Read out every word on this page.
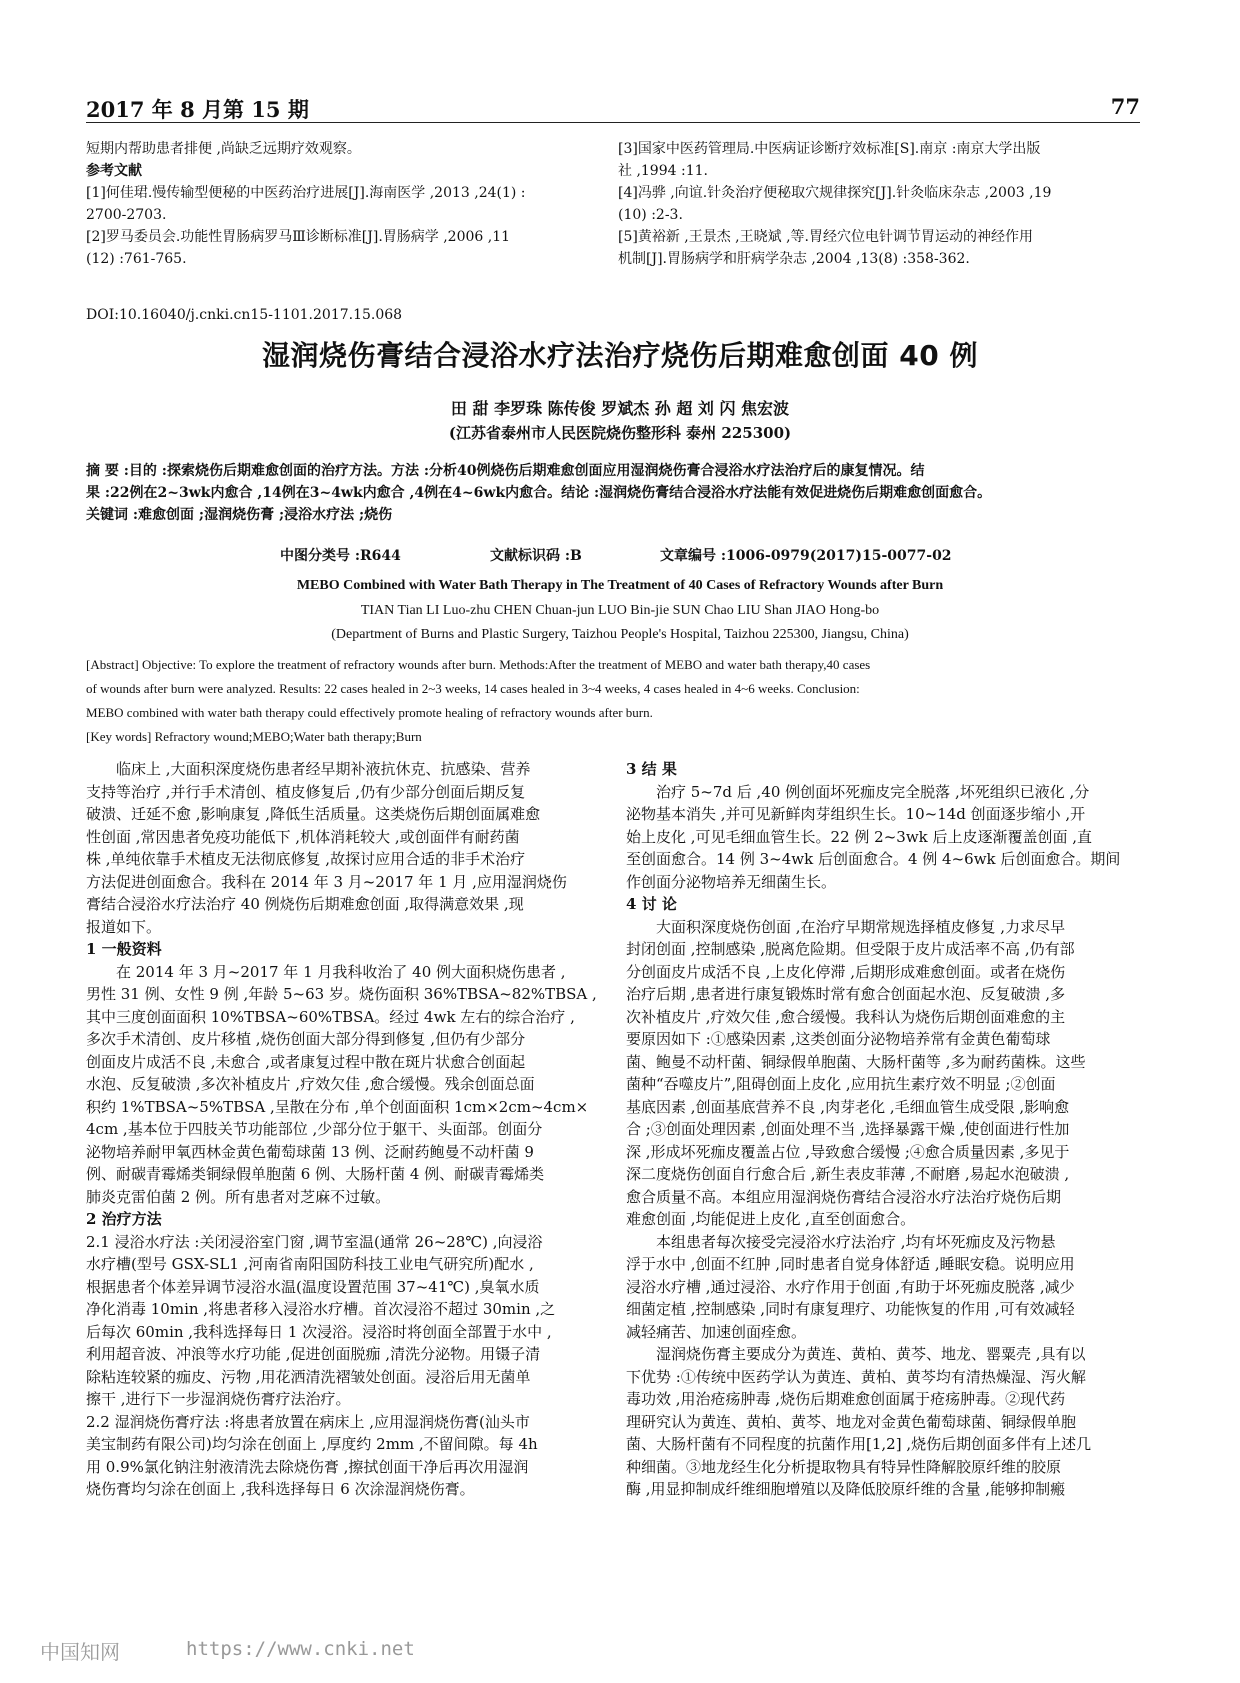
2017 年 8 月第 15 期	77
短期内帮助患者排便 ,尚缺乏远期疗效观察。
参考文献
[1]何佳珺.慢传输型便秘的中医药治疗进展[J].海南医学 ,2013 ,24(1) :
2700-2703.
[2]罗马委员会.功能性胃肠病罗马Ⅲ诊断标准[J].胃肠病学 ,2006 ,11
(12) :761-765.
[3]国家中医药管理局.中医病证诊断疗效标准[S].南京 :南京大学出版
社 ,1994 :11.
[4]冯骅 ,向谊.针灸治疗便秘取穴规律探究[J].针灸临床杂志 ,2003 ,19
(10) :2-3.
[5]黄裕新 ,王景杰 ,王晓斌 ,等.胃经穴位电针调节胃运动的神经作用
机制[J].胃肠病学和肝病学杂志 ,2004 ,13(8) :358-362.
DOI:10.16040/j.cnki.cn15-1101.2017.15.068
湿润烧伤膏结合浸浴水疗法治疗烧伤后期难愈创面 40 例
田 甜 李罗珠 陈传俊 罗斌杰 孙 超 刘 闪 焦宏波
(江苏省泰州市人民医院烧伤整形科 泰州 225300)
摘 要 :目的 :探索烧伤后期难愈创面的治疗方法。方法 :分析40例烧伤后期难愈创面应用湿润烧伤膏合浸浴水疗法治疗后的康复情况。结
果 :22例在2~3wk内愈合 ,14例在3~4wk内愈合 ,4例在4~6wk内愈合。结论 :湿润烧伤膏结合浸浴水疗法能有效促进烧伤后期难愈创面愈合。
关键词 :难愈创面 ;湿润烧伤膏 ;浸浴水疗法 ;烧伤
中图分类号 :R644	文献标识码 :B	文章编号 :1006-0979(2017)15-0077-02
MEBO Combined with Water Bath Therapy in The Treatment of 40 Cases of Refractory Wounds after Burn
TIAN Tian LI Luo-zhu CHEN Chuan-jun LUO Bin-jie SUN Chao LIU Shan JIAO Hong-bo
(Department of Burns and Plastic Surgery, Taizhou People's Hospital, Taizhou 225300, Jiangsu, China)
[Abstract] Objective: To explore the treatment of refractory wounds after burn. Methods:After the treatment of MEBO and water bath therapy,40 cases
of wounds after burn were analyzed. Results: 22 cases healed in 2~3 weeks, 14 cases healed in 3~4 weeks, 4 cases healed in 4~6 weeks. Conclusion:
MEBO combined with water bath therapy could effectively promote healing of refractory wounds after burn.
[Key words] Refractory wound;MEBO;Water bath therapy;Burn

临床上 ,大面积深度烧伤患者经早期补液抗休克、抗感染、营养

支持等治疗 ,并行手术清创、植皮修复后 ,仍有少部分创面后期反复

破溃、迁延不愈 ,影响康复 ,降低生活质量。这类烧伤后期创面属难愈

性创面 ,常因患者免疫功能低下 ,机体消耗较大 ,或创面伴有耐药菌

株 ,单纯依靠手术植皮无法彻底修复 ,故探讨应用合适的非手术治疗

方法促进创面愈合。我科在 2014 年 3 月~2017 年 1 月 ,应用湿润烧伤

膏结合浸浴水疗法治疗 40 例烧伤后期难愈创面 ,取得满意效果 ,现

报道如下。

1 一般资料

在 2014 年 3 月~2017 年 1 月我科收治了 40 例大面积烧伤患者 ,

男性 31 例、女性 9 例 ,年龄 5~63 岁。烧伤面积 36%TBSA~82%TBSA ,

其中三度创面面积 10%TBSA~60%TBSA。经过 4wk 左右的综合治疗 ,

多次手术清创、皮片移植 ,烧伤创面大部分得到修复 ,但仍有少部分

创面皮片成活不良 ,未愈合 ,或者康复过程中散在斑片状愈合创面起

水泡、反复破溃 ,多次补植皮片 ,疗效欠佳 ,愈合缓慢。残余创面总面

积约 1%TBSA~5%TBSA ,呈散在分布 ,单个创面面积 1cm×2cm~4cm×

4cm ,基本位于四肢关节功能部位 ,少部分位于躯干、头面部。创面分

泌物培养耐甲氧西林金黄色葡萄球菌 13 例、泛耐药鲍曼不动杆菌 9

例、耐碳青霉烯类铜绿假单胞菌 6 例、大肠杆菌 4 例、耐碳青霉烯类

肺炎克雷伯菌 2 例。所有患者对芝麻不过敏。

2 治疗方法

2.1 浸浴水疗法 :关闭浸浴室门窗 ,调节室温(通常 26~28℃) ,向浸浴

水疗槽(型号 GSX-SL1 ,河南省南阳国防科技工业电气研究所)配水 ,

根据患者个体差异调节浸浴水温(温度设置范围 37~41℃) ,臭氧水质

净化消毒 10min ,将患者移入浸浴水疗槽。首次浸浴不超过 30min ,之

后每次 60min ,我科选择每日 1 次浸浴。浸浴时将创面全部置于水中 ,

利用超音波、冲浪等水疗功能 ,促进创面脱痂 ,清洗分泌物。用镊子清

除粘连较紧的痂皮、污物 ,用花洒清洗褶皱处创面。浸浴后用无菌单

擦干 ,进行下一步湿润烧伤膏疗法治疗。

2.2 湿润烧伤膏疗法 :将患者放置在病床上 ,应用湿润烧伤膏(汕头市

美宝制药有限公司)均匀涂在创面上 ,厚度约 2mm ,不留间隙。每 4h

用 0.9%氯化钠注射液清洗去除烧伤膏 ,擦拭创面干净后再次用湿润

烧伤膏均匀涂在创面上 ,我科选择每日 6 次涂湿润烧伤膏。

3 结 果

治疗 5~7d 后 ,40 例创面坏死痂皮完全脱落 ,坏死组织已液化 ,分

泌物基本消失 ,并可见新鲜肉芽组织生长。10~14d 创面逐步缩小 ,开

始上皮化 ,可见毛细血管生长。22 例 2~3wk 后上皮逐渐覆盖创面 ,直

至创面愈合。14 例 3~4wk 后创面愈合。4 例 4~6wk 后创面愈合。期间

作创面分泌物培养无细菌生长。

4 讨 论

大面积深度烧伤创面 ,在治疗早期常规选择植皮修复 ,力求尽早

封闭创面 ,控制感染 ,脱离危险期。但受限于皮片成活率不高 ,仍有部

分创面皮片成活不良 ,上皮化停滞 ,后期形成难愈创面。或者在烧伤

治疗后期 ,患者进行康复锻炼时常有愈合创面起水泡、反复破溃 ,多

次补植皮片 ,疗效欠佳 ,愈合缓慢。我科认为烧伤后期创面难愈的主

要原因如下 :①感染因素 ,这类创面分泌物培养常有金黄色葡萄球

菌、鲍曼不动杆菌、铜绿假单胞菌、大肠杆菌等 ,多为耐药菌株。这些

菌种“吞噬皮片”,阻碍创面上皮化 ,应用抗生素疗效不明显 ;②创面

基底因素 ,创面基底营养不良 ,肉芽老化 ,毛细血管生成受限 ,影响愈

合 ;③创面处理因素 ,创面处理不当 ,选择暴露干燥 ,使创面进行性加

深 ,形成坏死痂皮覆盖占位 ,导致愈合缓慢 ;④愈合质量因素 ,多见于

深二度烧伤创面自行愈合后 ,新生表皮菲薄 ,不耐磨 ,易起水泡破溃 ,

愈合质量不高。本组应用湿润烧伤膏结合浸浴水疗法治疗烧伤后期

难愈创面 ,均能促进上皮化 ,直至创面愈合。

本组患者每次接受完浸浴水疗法治疗 ,均有坏死痂皮及污物悬

浮于水中 ,创面不红肿 ,同时患者自觉身体舒适 ,睡眠安稳。说明应用

浸浴水疗槽 ,通过浸浴、水疗作用于创面 ,有助于坏死痂皮脱落 ,减少

细菌定植 ,控制感染 ,同时有康复理疗、功能恢复的作用 ,可有效减轻

减轻痛苦、加速创面痊愈。

湿润烧伤膏主要成分为黄连、黄柏、黄芩、地龙、罂粟壳 ,具有以

下优势 :①传统中医药学认为黄连、黄柏、黄芩均有清热燥湿、泻火解

毒功效 ,用治疮疡肿毒 ,烧伤后期难愈创面属于疮疡肿毒。②现代药

理研究认为黄连、黄柏、黄芩、地龙对金黄色葡萄球菌、铜绿假单胞

菌、大肠杆菌有不同程度的抗菌作用[1,2] ,烧伤后期创面多伴有上述几

种细菌。③地龙经生化分析提取物具有特异性降解胶原纤维的胶原

酶 ,用显抑制成纤维细胞增殖以及降低胶原纤维的含量 ,能够抑制瘢

中国知网	https://www.cnki.net
